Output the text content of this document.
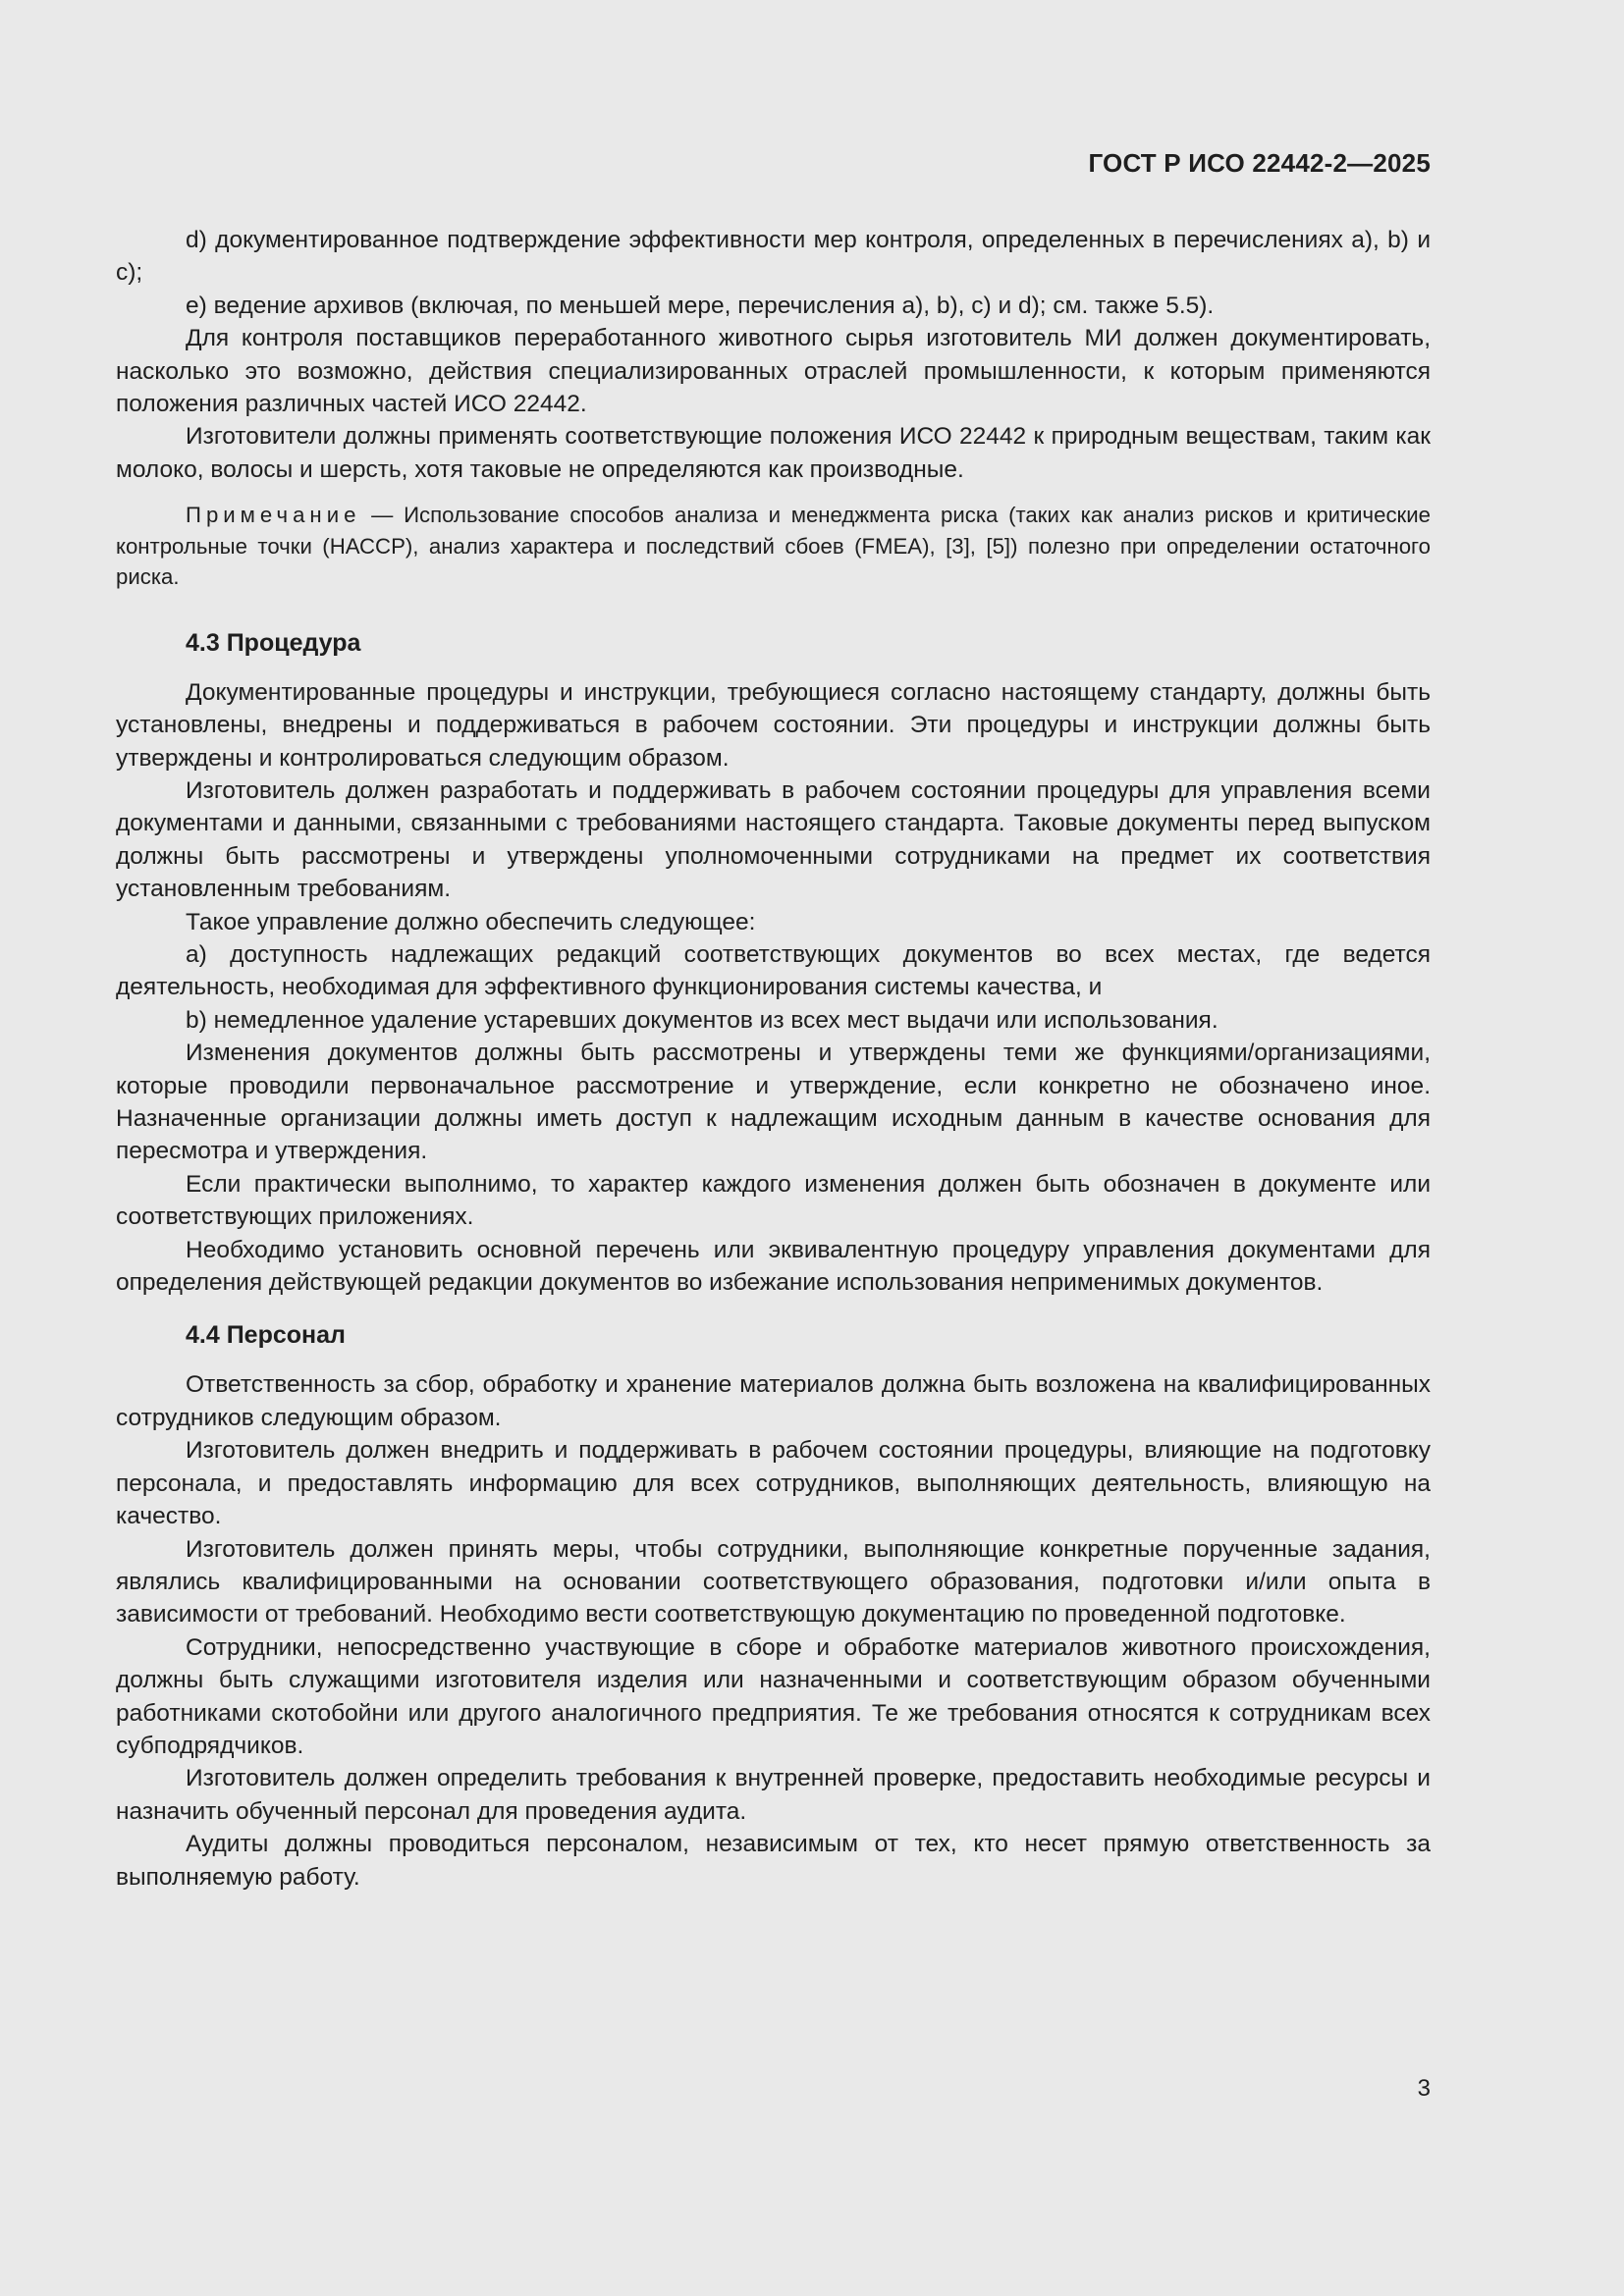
ГОСТ Р ИСО 22442-2—2025

d) документированное подтверждение эффективности мер контроля, определенных в перечислениях а), b) и с);

е) ведение архивов (включая, по меньшей мере, перечисления а), b), с) и d); см. также 5.5).

Для контроля поставщиков переработанного животного сырья изготовитель МИ должен документировать, насколько это возможно, действия специализированных отраслей промышленности, к которым применяются положения различных частей ИСО 22442.

Изготовители должны применять соответствующие положения ИСО 22442 к природным веществам, таким как молоко, волосы и шерсть, хотя таковые не определяются как производные.

Примечание — Использование способов анализа и менеджмента риска (таких как анализ рисков и критические контрольные точки (НАССР), анализ характера и последствий сбоев (FMEA), [3], [5]) полезно при определении остаточного риска.

4.3 Процедура

Документированные процедуры и инструкции, требующиеся согласно настоящему стандарту, должны быть установлены, внедрены и поддерживаться в рабочем состоянии. Эти процедуры и инструкции должны быть утверждены и контролироваться следующим образом.

Изготовитель должен разработать и поддерживать в рабочем состоянии процедуры для управления всеми документами и данными, связанными с требованиями настоящего стандарта. Таковые документы перед выпуском должны быть рассмотрены и утверждены уполномоченными сотрудниками на предмет их соответствия установленным требованиям.

Такое управление должно обеспечить следующее:

а) доступность надлежащих редакций соответствующих документов во всех местах, где ведется деятельность, необходимая для эффективного функционирования системы качества, и

b) немедленное удаление устаревших документов из всех мест выдачи или использования.

Изменения документов должны быть рассмотрены и утверждены теми же функциями/организациями, которые проводили первоначальное рассмотрение и утверждение, если конкретно не обозначено иное. Назначенные организации должны иметь доступ к надлежащим исходным данным в качестве основания для пересмотра и утверждения.

Если практически выполнимо, то характер каждого изменения должен быть обозначен в документе или соответствующих приложениях.

Необходимо установить основной перечень или эквивалентную процедуру управления документами для определения действующей редакции документов во избежание использования неприменимых документов.

4.4 Персонал

Ответственность за сбор, обработку и хранение материалов должна быть возложена на квалифицированных сотрудников следующим образом.

Изготовитель должен внедрить и поддерживать в рабочем состоянии процедуры, влияющие на подготовку персонала, и предоставлять информацию для всех сотрудников, выполняющих деятельность, влияющую на качество.

Изготовитель должен принять меры, чтобы сотрудники, выполняющие конкретные порученные задания, являлись квалифицированными на основании соответствующего образования, подготовки и/или опыта в зависимости от требований. Необходимо вести соответствующую документацию по проведенной подготовке.

Сотрудники, непосредственно участвующие в сборе и обработке материалов животного происхождения, должны быть служащими изготовителя изделия или назначенными и соответствующим образом обученными работниками скотобойни или другого аналогичного предприятия. Те же требования относятся к сотрудникам всех субподрядчиков.

Изготовитель должен определить требования к внутренней проверке, предоставить необходимые ресурсы и назначить обученный персонал для проведения аудита.

Аудиты должны проводиться персоналом, независимым от тех, кто несет прямую ответственность за выполняемую работу.

3
